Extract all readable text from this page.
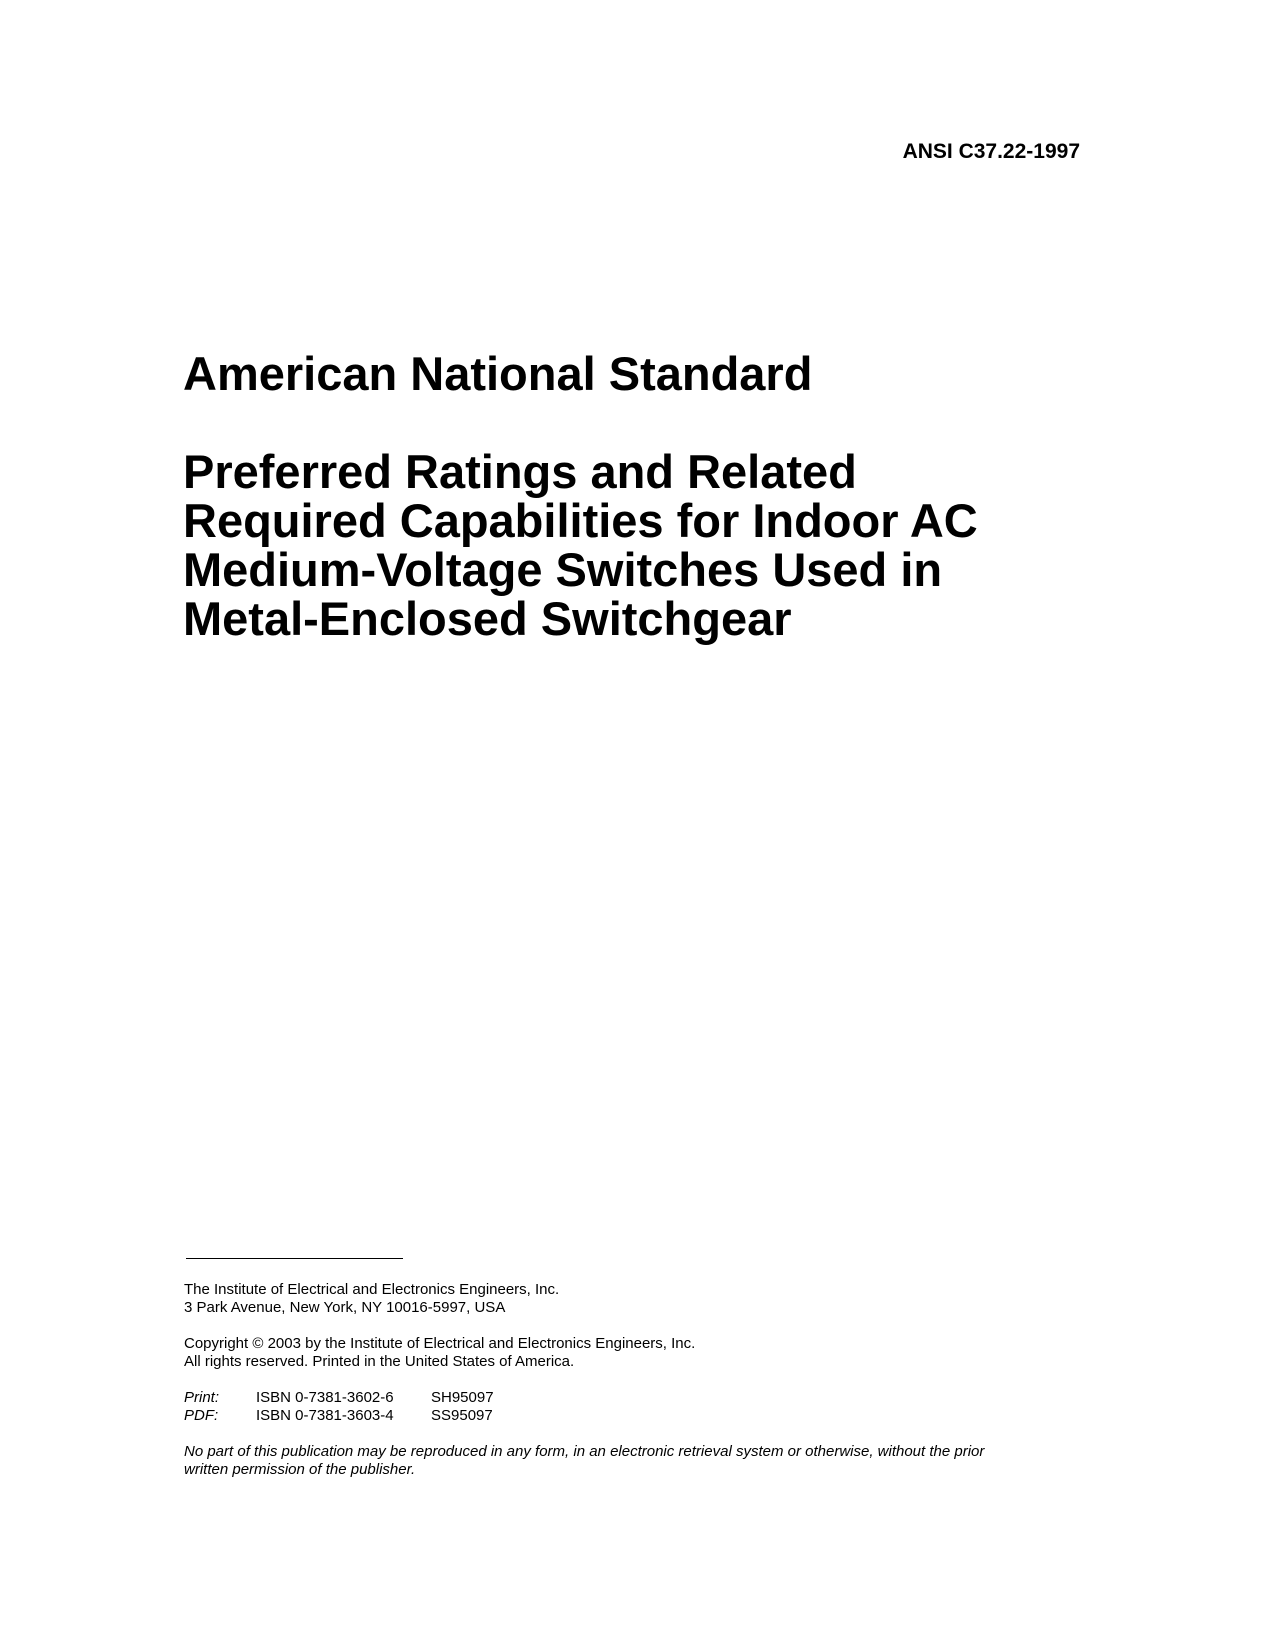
ANSI C37.22-1997
American National Standard
Preferred Ratings and Related
Required Capabilities for Indoor AC
Medium-Voltage Switches Used in
Metal-Enclosed Switchgear

The Institute of Electrical and Electronics Engineers, Inc.

3 Park Avenue, New York, NY 10016-5997, USA

Copyright © 2003 by the Institute of Electrical and Electronics Engineers, Inc.

All rights reserved. Printed in the United States of America.

Print:	ISBN 0-7381-3602-6	SH95097
PDF:	ISBN 0-7381-3603-4	SS95097

No part of this publication may be reproduced in any form, in an electronic retrieval system or otherwise, without the prior

written permission of the publisher.
